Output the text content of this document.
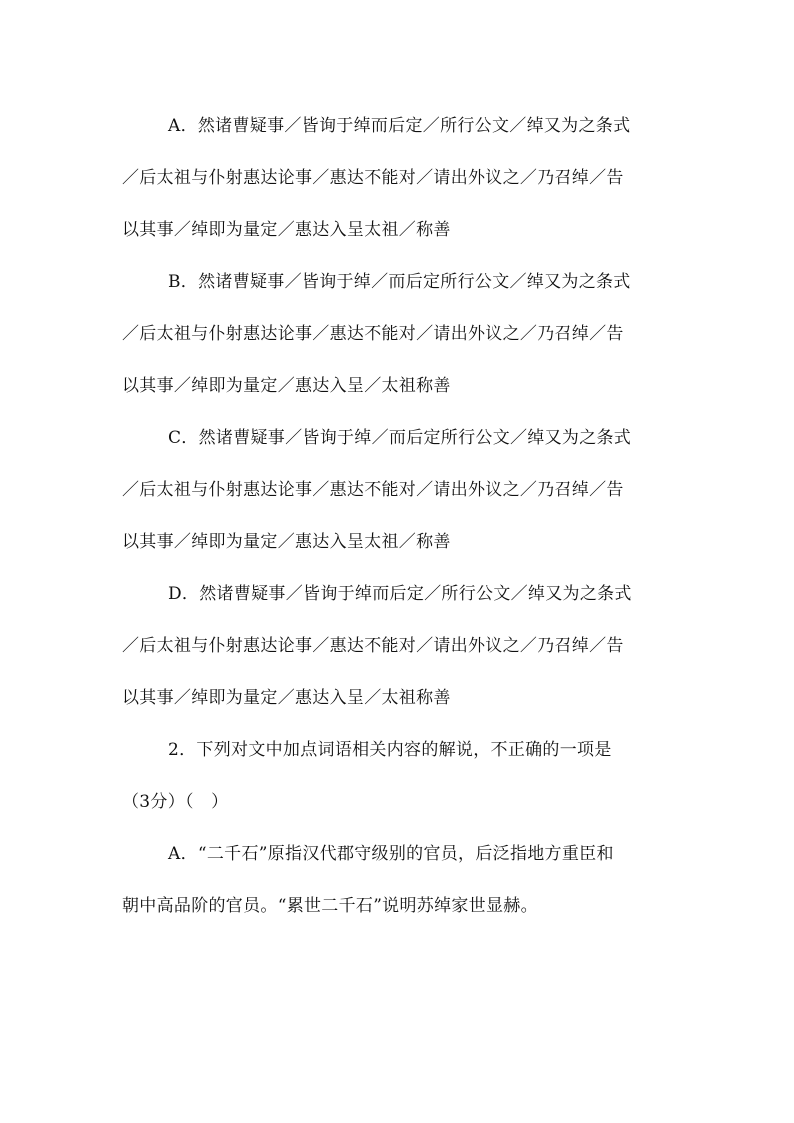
A．然诸曹疑事／皆询于绰而后定／所行公文／绰又为之条式
／后太祖与仆射惠达论事／惠达不能对／请出外议之／乃召绰／告
以其事／绰即为量定／惠达入呈太祖／称善
B．然诸曹疑事／皆询于绰／而后定所行公文／绰又为之条式
／后太祖与仆射惠达论事／惠达不能对／请出外议之／乃召绰／告
以其事／绰即为量定／惠达入呈／太祖称善
C．然诸曹疑事／皆询于绰／而后定所行公文／绰又为之条式
／后太祖与仆射惠达论事／惠达不能对／请出外议之／乃召绰／告
以其事／绰即为量定／惠达入呈太祖／称善
D．然诸曹疑事／皆询于绰而后定／所行公文／绰又为之条式
／后太祖与仆射惠达论事／惠达不能对／请出外议之／乃召绰／告
以其事／绰即为量定／惠达入呈／太祖称善
2．下列对文中加点词语相关内容的解说，不正确的一项是
（3分）（　）
A．“二千石”原指汉代郡守级别的官员，后泛指地方重臣和
朝中高品阶的官员。“累世二千石”说明苏绰家世显赫。
